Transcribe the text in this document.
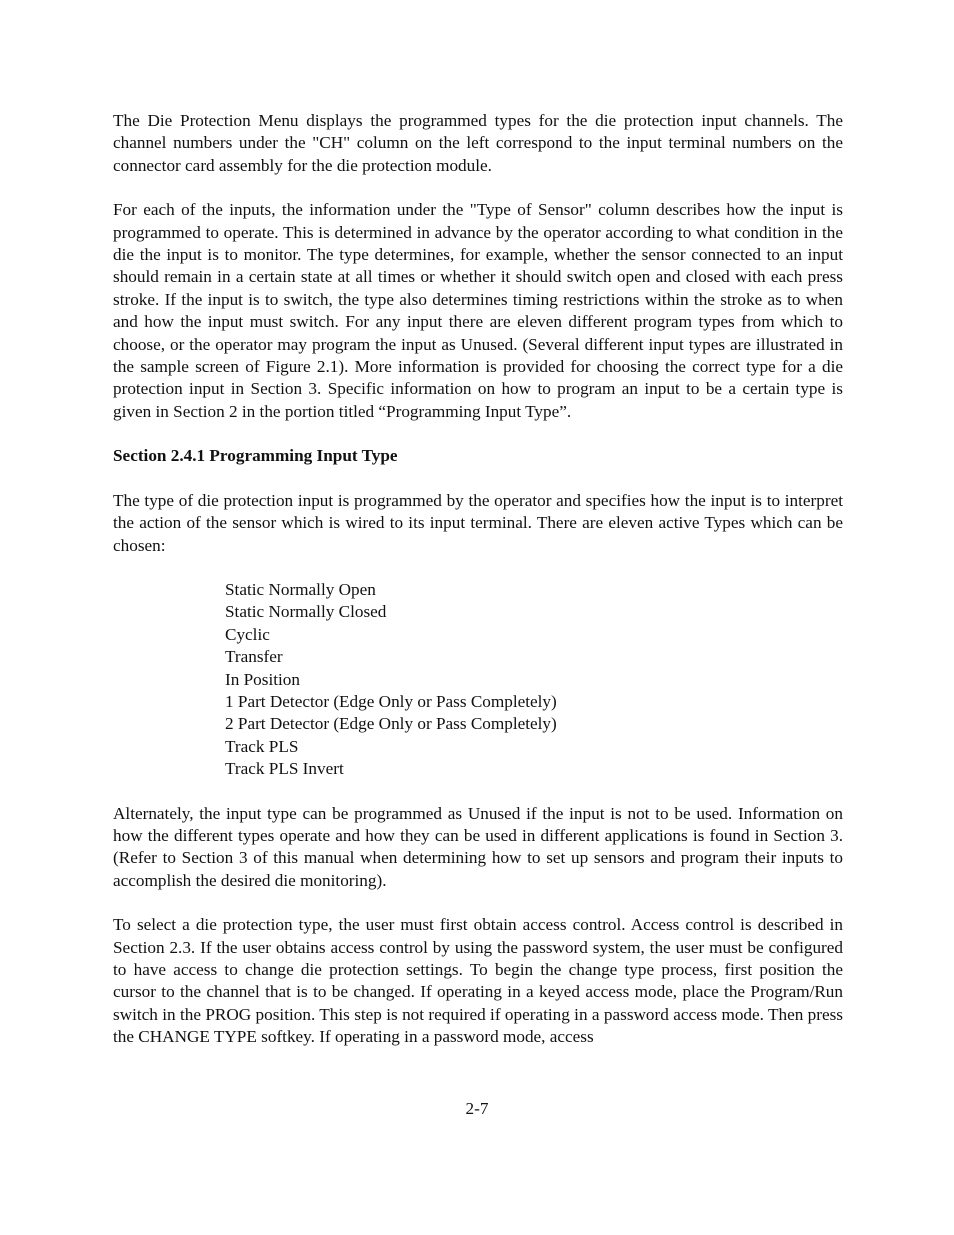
The Die Protection Menu displays the programmed types for the die protection input channels. The channel numbers under the "CH" column on the left correspond to the input terminal numbers on the connector card assembly for the die protection module.

For each of the inputs, the information under the "Type of Sensor" column describes how the input is programmed to operate. This is determined in advance by the operator according to what condition in the die the input is to monitor. The type determines, for example, whether the sensor connected to an input should remain in a certain state at all times or whether it should switch open and closed with each press stroke. If the input is to switch, the type also determines timing restrictions within the stroke as to when and how the input must switch. For any input there are eleven different program types from which to choose, or the operator may program the input as Unused. (Several different input types are illustrated in the sample screen of Figure 2.1). More information is provided for choosing the correct type for a die protection input in Section 3. Specific information on how to program an input to be a certain type is given in Section 2 in the portion titled “Programming Input Type”.

Section 2.4.1 Programming Input Type

The type of die protection input is programmed by the operator and specifies how the input is to interpret the action of the sensor which is wired to its input terminal. There are eleven active Types which can be chosen:

Static Normally Open
Static Normally Closed
Cyclic
Transfer
In Position
1 Part Detector (Edge Only or Pass Completely)
2 Part Detector (Edge Only or Pass Completely)
Track PLS
Track PLS Invert

Alternately, the input type can be programmed as Unused if the input is not to be used. Information on how the different types operate and how they can be used in different applications is found in Section 3. (Refer to Section 3 of this manual when determining how to set up sensors and program their inputs to accomplish the desired die monitoring).

To select a die protection type, the user must first obtain access control. Access control is described in Section 2.3. If the user obtains access control by using the password system, the user must be configured to have access to change die protection settings. To begin the change type process, first position the cursor to the channel that is to be changed. If operating in a keyed access mode, place the Program/Run switch in the PROG position. This step is not required if operating in a password access mode. Then press the CHANGE TYPE softkey. If operating in a password mode, access

2-7
